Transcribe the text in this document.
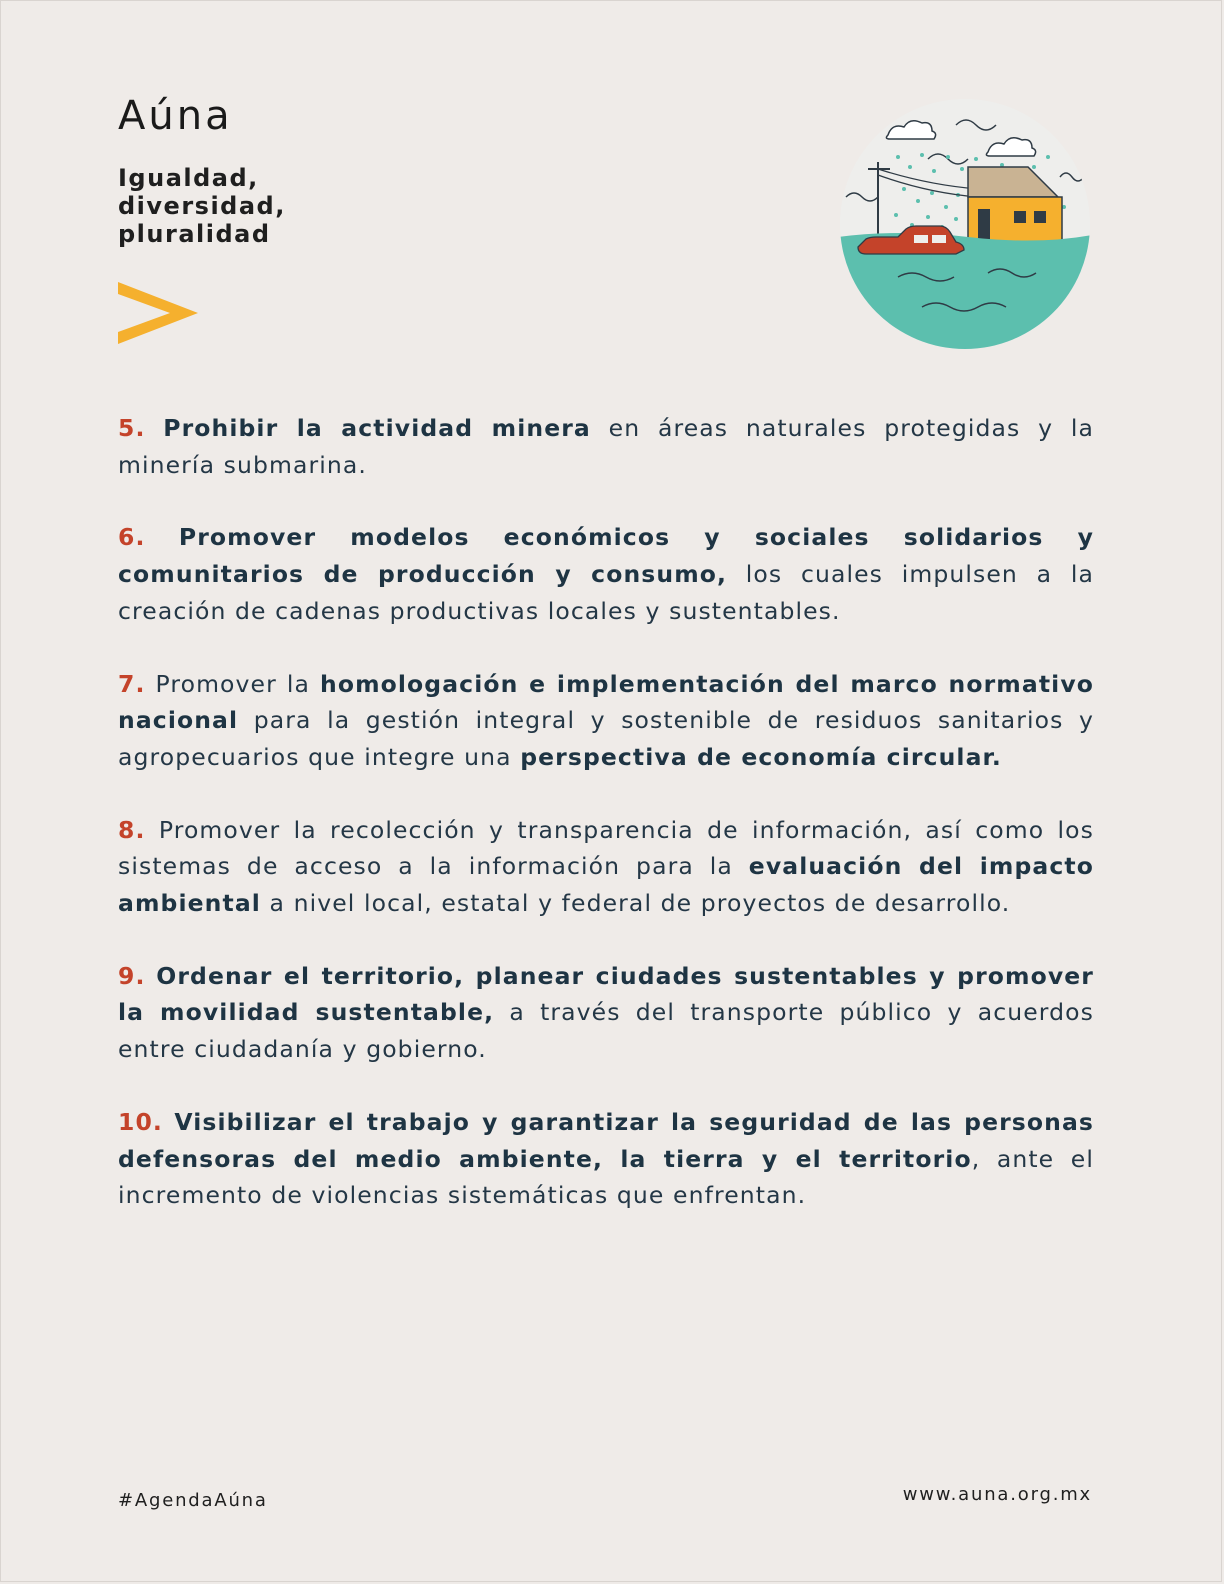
Aúna
Igualdad,
diversidad,
pluralidad

5. Prohibir la actividad minera en áreas naturales protegidas y la minería submarina.

6. Promover modelos económicos y sociales solidarios y comunitarios de producción y consumo, los cuales impulsen a la creación de cadenas productivas locales y sustentables.

7. Promover la homologación e implementación del marco normativo nacional para la gestión integral y sostenible de residuos sanitarios y agropecuarios que integre una perspectiva de economía circular.

8. Promover la recolección y transparencia de información, así como los sistemas de acceso a la información para la evaluación del impacto ambiental a nivel local, estatal y federal de proyectos de desarrollo.

9. Ordenar el territorio, planear ciudades sustentables y promover la movilidad sustentable, a través del transporte público y acuerdos entre ciudadanía y gobierno.

10. Visibilizar el trabajo y garantizar la seguridad de las personas defensoras del medio ambiente, la tierra y el territorio, ante el incremento de violencias sistemáticas que enfrentan.

#AgendaAúna	www.auna.org.mx
